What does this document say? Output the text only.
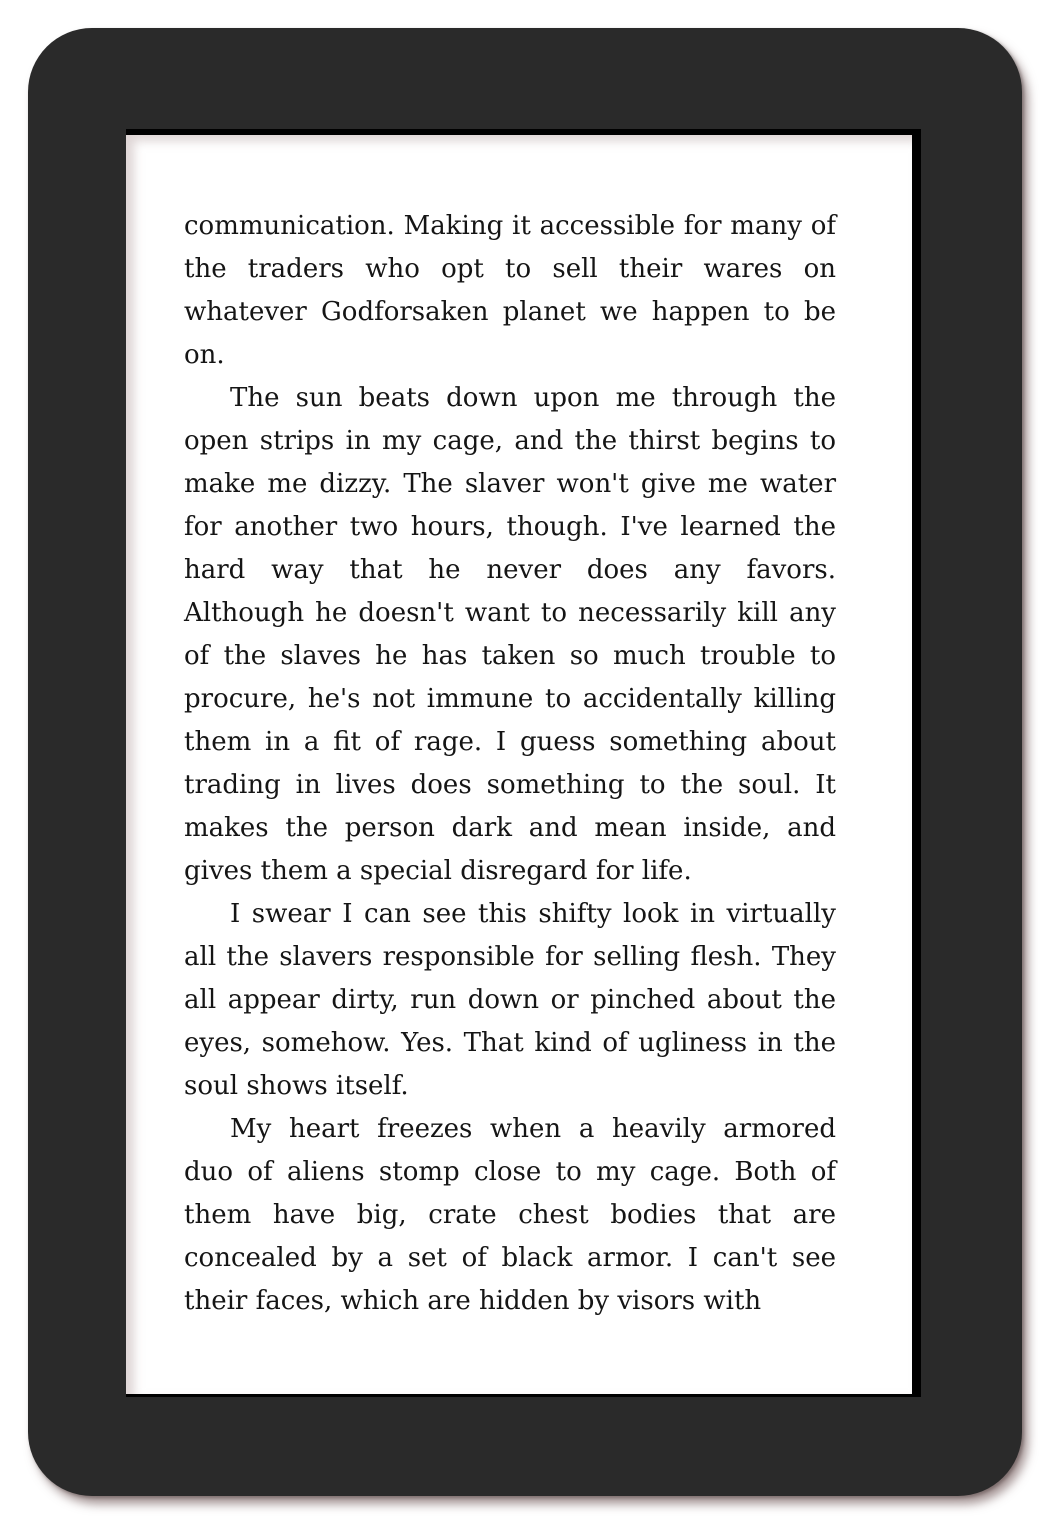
communication. Making it accessible for many of the traders who opt to sell their wares on whatever Godforsaken planet we happen to be on.

The sun beats down upon me through the open strips in my cage, and the thirst begins to make me dizzy. The slaver won't give me water for another two hours, though. I've learned the hard way that he never does any favors. Although he doesn't want to necessarily kill any of the slaves he has taken so much trouble to procure, he's not immune to accidentally killing them in a fit of rage. I guess something about trading in lives does something to the soul. It makes the person dark and mean inside, and gives them a special disregard for life.

I swear I can see this shifty look in virtually all the slavers responsible for selling flesh. They all appear dirty, run down or pinched about the eyes, somehow. Yes. That kind of ugliness in the soul shows itself.

My heart freezes when a heavily armored duo of aliens stomp close to my cage. Both of them have big, crate chest bodies that are concealed by a set of black armor. I can't see their faces, which are hidden by visors with
